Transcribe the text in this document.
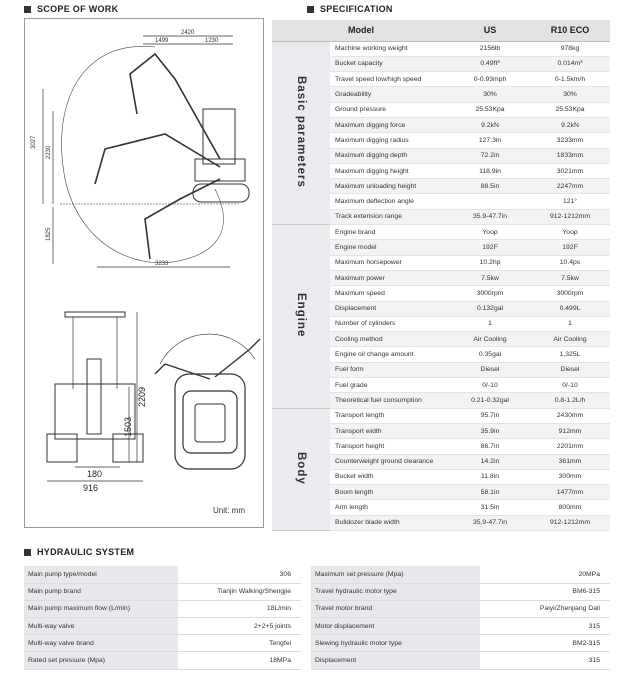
SCOPE OF WORK	SPECIFICATION
2420
1499	1230
3027
2230
1825
3233
1503
2209
180
916
Unit: mm
Model		US	R10 ECO
Basic parameters	Machine working weight	2156lb	978kg
	Bucket capacity	0.49ft³	0.014m³
	Travel speed low/high speed	0-0.93mph	0-1.5km/h
	Gradeability	30%	30%
	Ground pressure	25.53Kpa	25.53Kpa
	Maximum digging force	9.2kN	9.2kN
	Maximum digging radius	127.3in	3233mm
	Maximum digging depth	72.2in	1833mm
	Maximum digging height	118.9in	3021mm
	Maximum unloading height	88.5in	2247mm
	Maximum deflection angle		121°
	Track extension range	35.9-47.7in	912-1212mm
Engine	Engine brand	Yoop	Yoop
	Engine model	192F	192F
	Maximum horsepower	10.2hp	10.4ps
	Maximum power	7.5kw	7.5kw
	Maximum speed	3000rpm	3000rpm
	Displacement	0.132gal	0.499L
	Number of cylinders	1	1
	Cooling method	Air Cooling	Air Cooling
	Engine oil change amount	0.35gal	1.325L
	Fuel form	Diesel	Diesel
	Fuel grade	0/-10	0/-10
	Theoretical fuel consumption	0.21-0.32gal	0.8-1.2L/h
Body	Transport length	95.7in	2430mm
	Transport width	35.9in	912mm
	Transport height	86.7in	2201mm
	Counterweight ground clearance	14.2in	361mm
	Bucket width	11.8in	300mm
	Boom length	58.1in	1477mm
	Arm length	31.5in	800mm
	Bulldozer blade width	35.9-47.7in	912-1212mm
HYDRAULIC SYSTEM
Main pump type/model	306
Main pump brand	Tianjin Walking/Shengjie
Main pump maximum flow (L/min)	18L/min
Multi-way valve	2+2+5 joints
Multi-way valve brand	Tengfei
Rated set pressure (Mpa)	18MPa
Maximum set pressure (Mpa)	20MPa
Travel hydraulic motor type	BM6-315
Travel motor brand	Paiyi/Zhenjiang Dali
Motor displacement	315
Slewing hydraulic motor type	BM2-315
Displacement	315
